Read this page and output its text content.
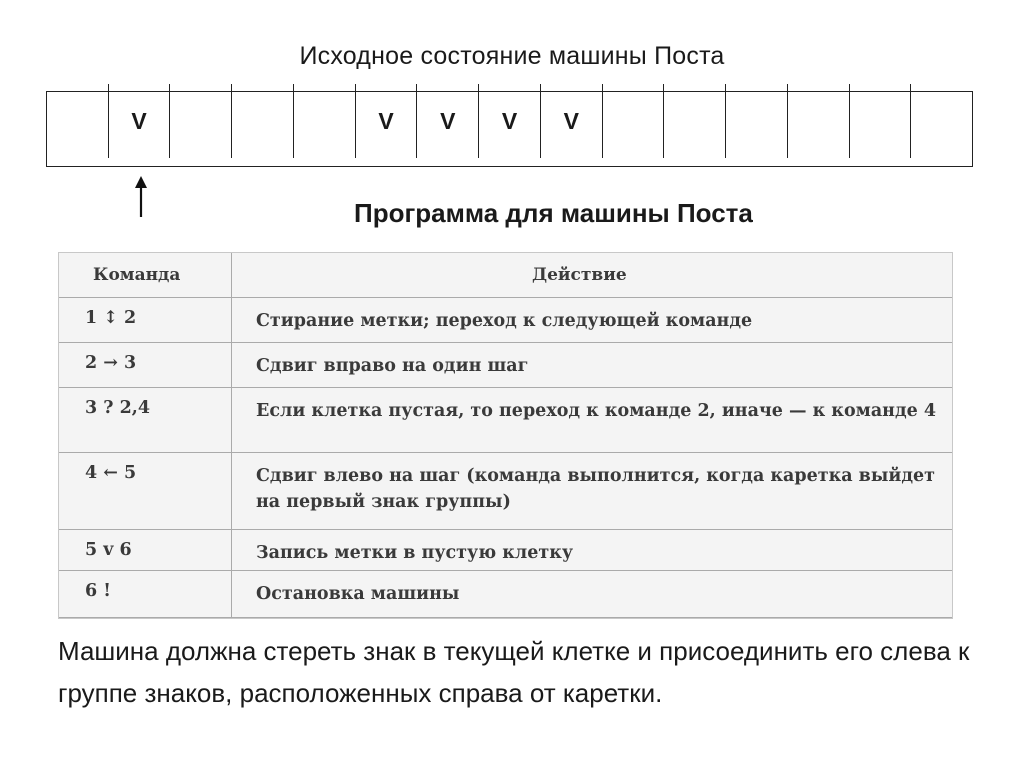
Исходное состояние машины Поста
V	V	V	V	V
Программа для машины Поста
Команда	Действие
1 ↕ 2	Стирание метки; переход к следующей команде
2 → 3	Сдвиг вправо на один шаг
3 ? 2,4	Если клетка пустая, то переход к команде 2, иначе — к команде 4
4 ← 5	Сдвиг влево на шаг (команда выполнится, когда каретка выйдет на первый знак группы)
5 v 6	Запись метки в пустую клетку
6 !	Остановка машины
Машина должна стереть знак в текущей клетке и присоединить его слева к группе знаков, расположенных справа от каретки.
